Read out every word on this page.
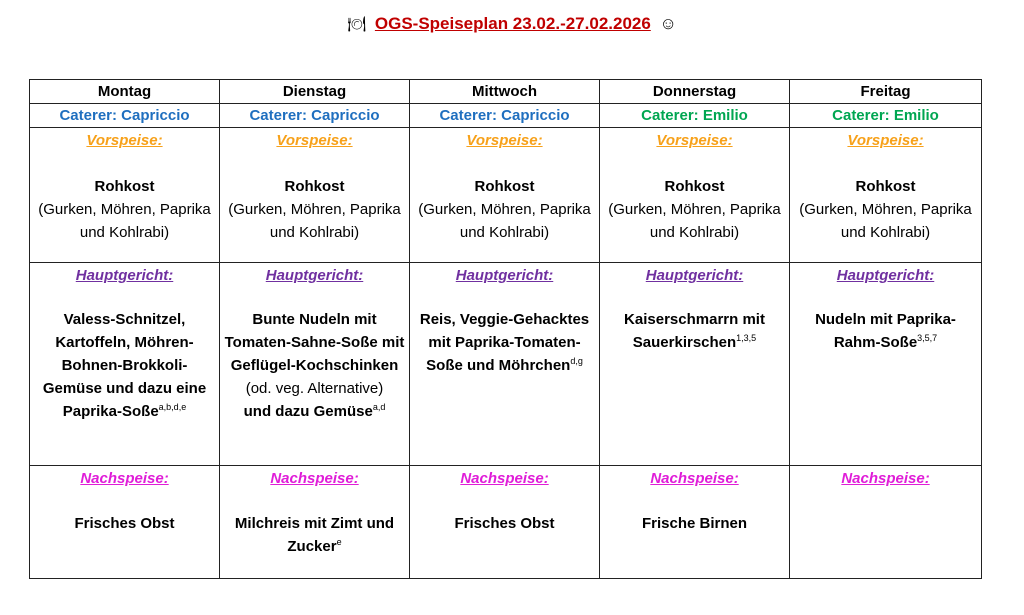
🍽 OGS-Speiseplan 23.02.-27.02.2026 ☺
Montag	Dienstag	Mittwoch	Donnerstag	Freitag
Caterer: Capriccio	Caterer: Capriccio	Caterer: Capriccio	Caterer: Emilio	Caterer: Emilio

Vorspeise:
Rohkost
(Gurken, Möhren, Paprika und Kohlrabi)	Vorspeise:
Rohkost
(Gurken, Möhren, Paprika und Kohlrabi)	Vorspeise:
Rohkost
(Gurken, Möhren, Paprika und Kohlrabi)	Vorspeise:
Rohkost
(Gurken, Möhren, Paprika und Kohlrabi)	Vorspeise:
Rohkost
(Gurken, Möhren, Paprika und Kohlrabi)

Hauptgericht:
Valess-Schnitzel, Kartoffeln, Möhren-Bohnen-Brokkoli-Gemüse und dazu eine Paprika-Soße$^{a,b,d,e}$	Hauptgericht:
Bunte Nudeln mit Tomaten-Sahne-Soße mit Geflügel-Kochschinken
(od. veg. Alternative)
und dazu Gemüse$^{a,d}$	Hauptgericht:
Reis, Veggie-Gehacktes mit Paprika-Tomaten-Soße und Möhrchen$^{d,g}$	Hauptgericht:
Kaiserschmarrn mit Sauerkirschen$^{1,3,5}$	Hauptgericht:
Nudeln mit Paprika-Rahm-Soße$^{3,5,7}$

Nachspeise:
Frisches Obst	Nachspeise:
Milchreis mit Zimt und Zucker$^e$	Nachspeise:
Frisches Obst	Nachspeise:
Frische Birnen	Nachspeise:
